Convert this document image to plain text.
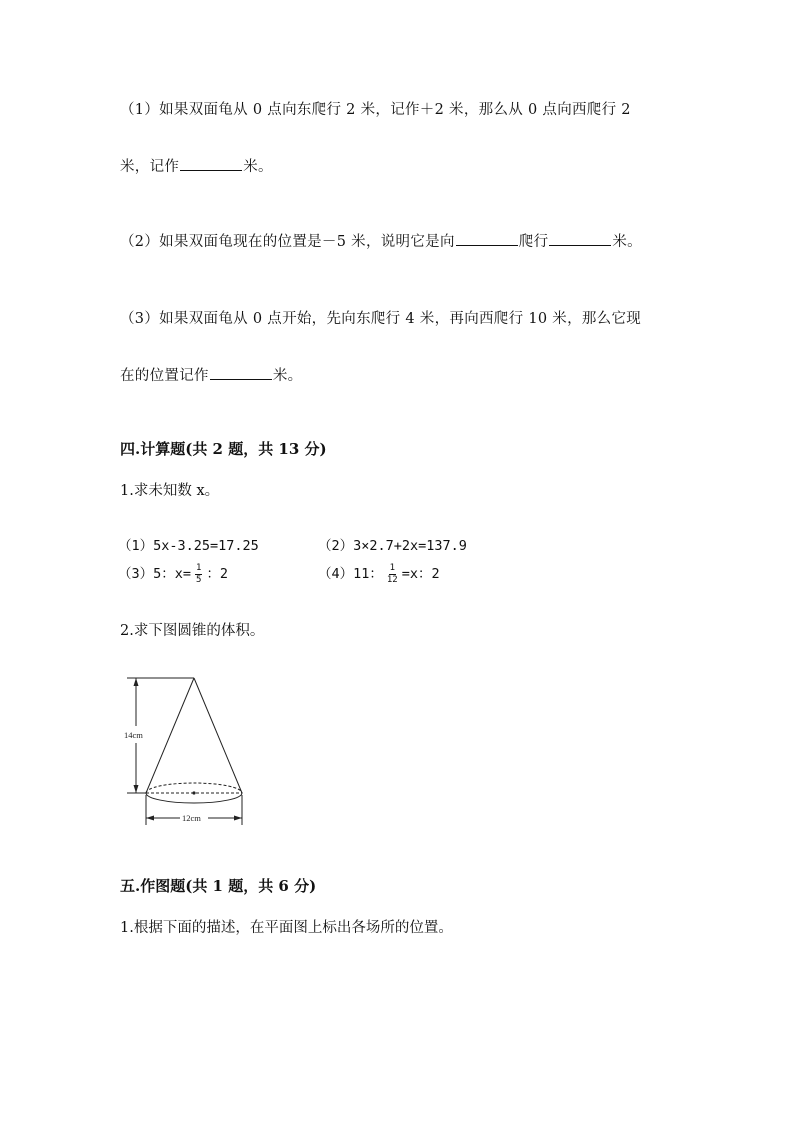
（1）如果双面龟从 0 点向东爬行 2 米，记作＋2 米，那么从 0 点向西爬行 2
米，记作	米。
（2）如果双面龟现在的位置是－5 米，说明它是向	爬行	米。
（3）如果双面龟从 0 点开始，先向东爬行 4 米，再向西爬行 10 米，那么它现
在的位置记作	米。
四.计算题(共 2 题，共 13 分)
1.求未知数 x。
（1）5x-3.25=17.25	（2）3×2.7+2x=137.9
（3）5：$x= \frac{1}{5}$ ：2	（4）11： $\frac{1}{12} =x$：2
2.求下图圆锥的体积。
14cm
12cm
五.作图题(共 1 题，共 6 分)
1.根据下面的描述，在平面图上标出各场所的位置。
